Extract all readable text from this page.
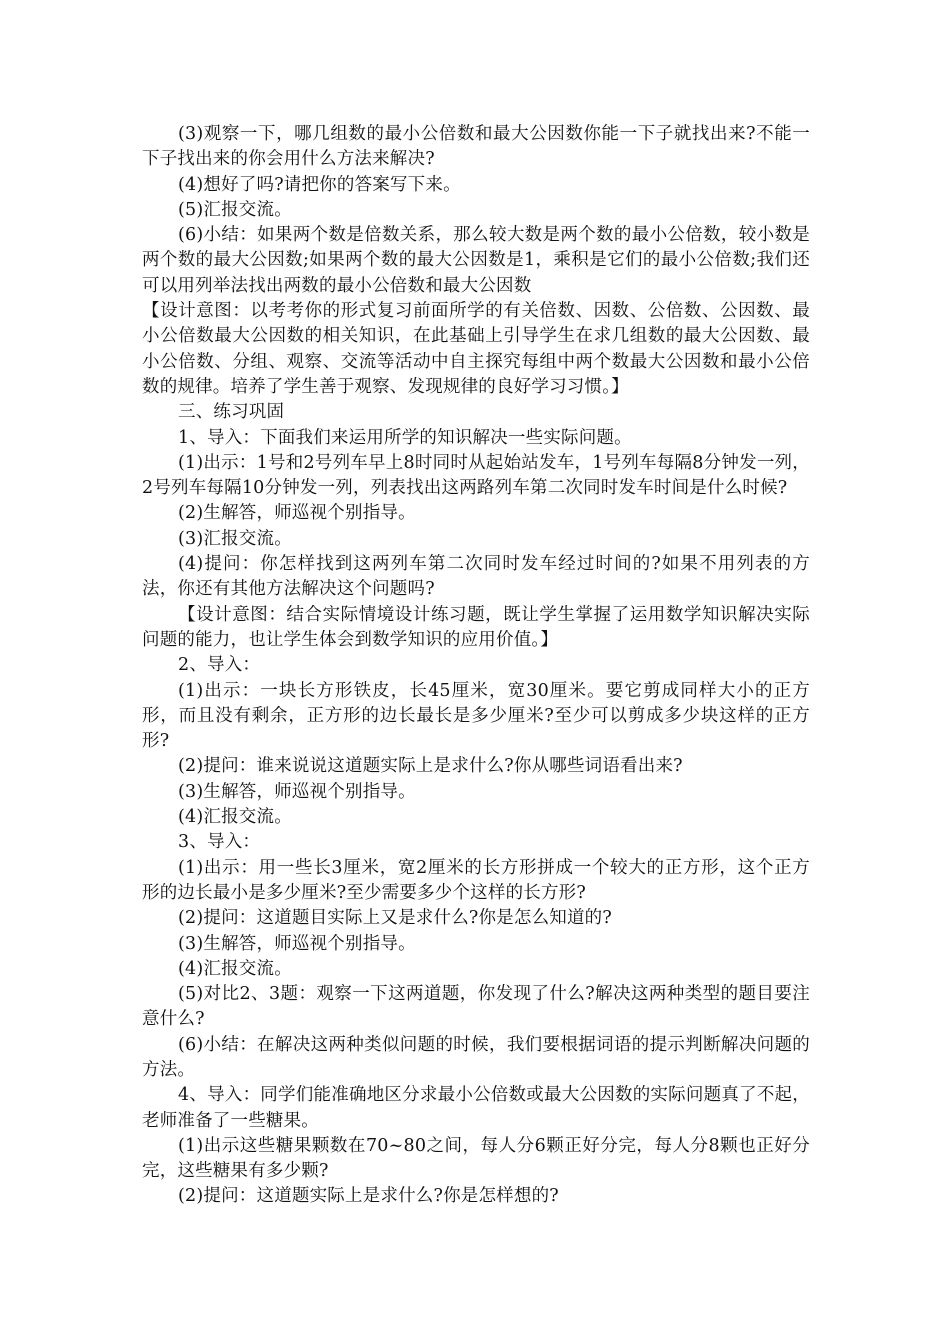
(3)观察一下，哪几组数的最小公倍数和最大公因数你能一下子就找出来?不能一下子找出来的你会用什么方法来解决?

(4)想好了吗?请把你的答案写下来。

(5)汇报交流。

(6)小结：如果两个数是倍数关系，那么较大数是两个数的最小公倍数，较小数是两个数的最大公因数;如果两个数的最大公因数是1，乘积是它们的最小公倍数;我们还可以用列举法找出两数的最小公倍数和最大公因数

【设计意图：以考考你的形式复习前面所学的有关倍数、因数、公倍数、公因数、最小公倍数最大公因数的相关知识，在此基础上引导学生在求几组数的最大公因数、最小公倍数、分组、观察、交流等活动中自主探究每组中两个数最大公因数和最小公倍数的规律。培养了学生善于观察、发现规律的良好学习习惯。】

三、练习巩固

1、导入：下面我们来运用所学的知识解决一些实际问题。

(1)出示：1号和2号列车早上8时同时从起始站发车，1号列车每隔8分钟发一列，2号列车每隔10分钟发一列，列表找出这两路列车第二次同时发车时间是什么时候?

(2)生解答，师巡视个别指导。

(3)汇报交流。

(4)提问：你怎样找到这两列车第二次同时发车经过时间的?如果不用列表的方法，你还有其他方法解决这个问题吗?

【设计意图：结合实际情境设计练习题，既让学生掌握了运用数学知识解决实际问题的能力，也让学生体会到数学知识的应用价值。】

2、导入：

(1)出示：一块长方形铁皮，长45厘米，宽30厘米。要它剪成同样大小的正方形，而且没有剩余，正方形的边长最长是多少厘米?至少可以剪成多少块这样的正方形?

(2)提问：谁来说说这道题实际上是求什么?你从哪些词语看出来?

(3)生解答，师巡视个别指导。

(4)汇报交流。

3、导入：

(1)出示：用一些长3厘米，宽2厘米的长方形拼成一个较大的正方形，这个正方形的边长最小是多少厘米?至少需要多少个这样的长方形?

(2)提问：这道题目实际上又是求什么?你是怎么知道的?

(3)生解答，师巡视个别指导。

(4)汇报交流。

(5)对比2、3题：观察一下这两道题，你发现了什么?解决这两种类型的题目要注意什么?

(6)小结：在解决这两种类似问题的时候，我们要根据词语的提示判断解决问题的方法。

4、导入：同学们能准确地区分求最小公倍数或最大公因数的实际问题真了不起，老师准备了一些糖果。

(1)出示这些糖果颗数在70~80之间，每人分6颗正好分完，每人分8颗也正好分完，这些糖果有多少颗?

(2)提问：这道题实际上是求什么?你是怎样想的?
